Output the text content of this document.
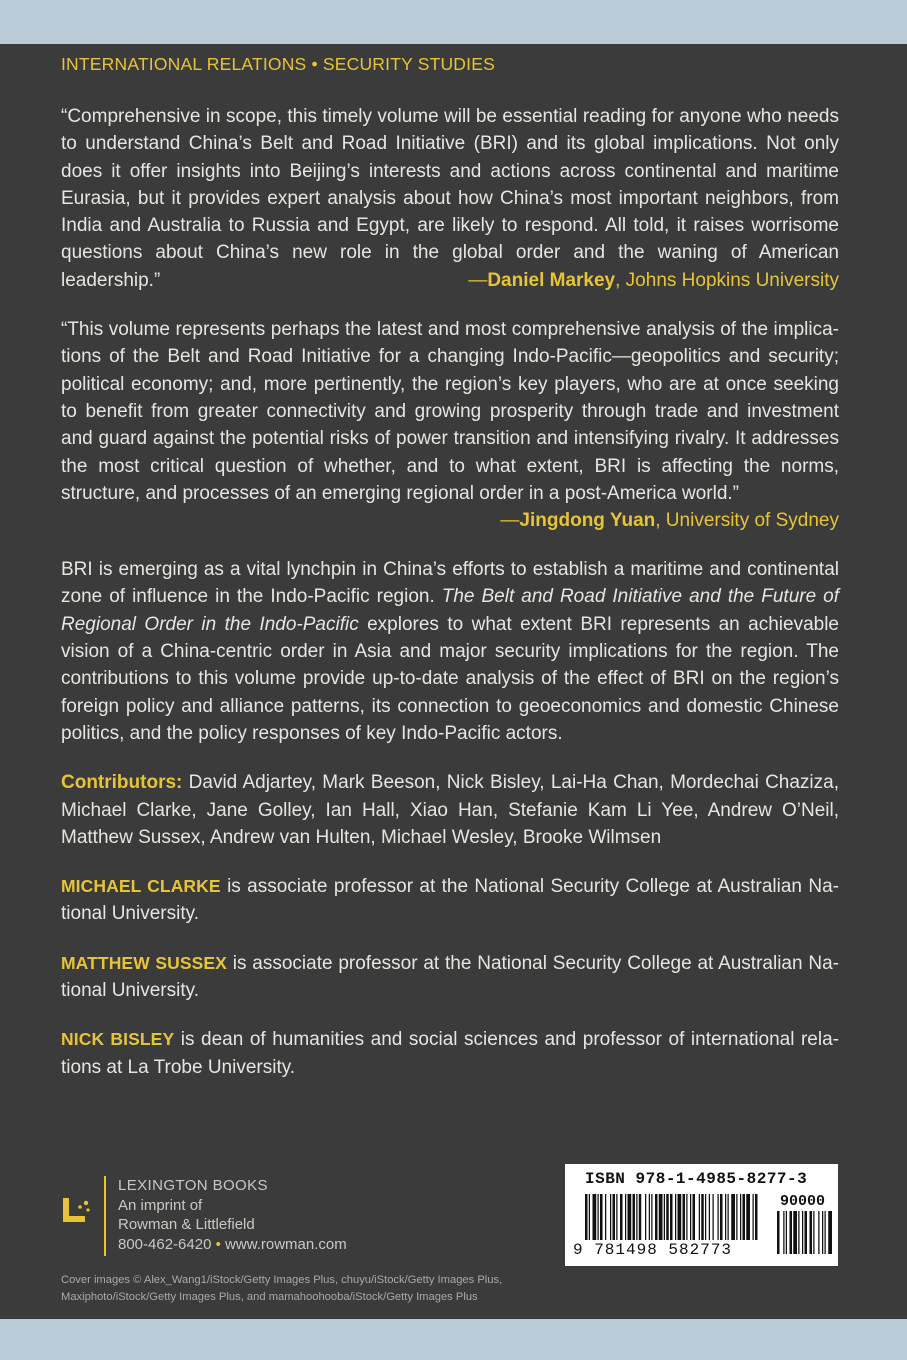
INTERNATIONAL RELATIONS • SECURITY STUDIES
“Comprehensive in scope, this timely volume will be essential reading for anyone who needs to understand China’s Belt and Road Initiative (BRI) and its global implications. Not only does it offer insights into Beijing’s interests and actions across continental and maritime Eurasia, but it provides expert analysis about how China’s most important neighbors, from India and Australia to Russia and Egypt, are likely to respond. All told, it raises worrisome questions about China’s new role in the global order and the waning of American leadership.”	—Daniel Markey, Johns Hopkins University
“This volume represents perhaps the latest and most comprehensive analysis of the implications of the Belt and Road Initiative for a changing Indo-Pacific—geopolitics and security; political economy; and, more pertinently, the region’s key players, who are at once seeking to benefit from greater connectivity and growing prosperity through trade and investment and guard against the potential risks of power transition and intensifying rivalry. It addresses the most critical question of whether, and to what extent, BRI is affecting the norms, structure, and processes of an emerging regional order in a post-America world.”
—Jingdong Yuan, University of Sydney
BRI is emerging as a vital lynchpin in China’s efforts to establish a maritime and continental zone of influence in the Indo-Pacific region. The Belt and Road Initiative and the Future of Regional Order in the Indo-Pacific explores to what extent BRI represents an achievable vision of a China-centric order in Asia and major security implications for the region. The contributions to this volume provide up-to-date analysis of the effect of BRI on the region’s foreign policy and alliance patterns, its connection to geoeconomics and domestic Chinese politics, and the policy responses of key Indo-Pacific actors.
Contributors: David Adjartey, Mark Beeson, Nick Bisley, Lai-Ha Chan, Mordechai Chaziza, Michael Clarke, Jane Golley, Ian Hall, Xiao Han, Stefanie Kam Li Yee, Andrew O’Neil, Matthew Sussex, Andrew van Hulten, Michael Wesley, Brooke Wilmsen
MICHAEL CLARKE is associate professor at the National Security College at Australian National University.
MATTHEW SUSSEX is associate professor at the National Security College at Australian National University.
NICK BISLEY is dean of humanities and social sciences and professor of international relations at La Trobe University.
LEXINGTON BOOKS
An imprint of
Rowman & Littlefield
800-462-6420 • www.rowman.com
Cover images © Alex_Wang1/iStock/Getty Images Plus, chuyu/iStock/Getty Images Plus,
Maxiphoto/iStock/Getty Images Plus, and mamahoohooba/iStock/Getty Images Plus
ISBN 978-1-4985-8277-3
90000
9 781498 582773
